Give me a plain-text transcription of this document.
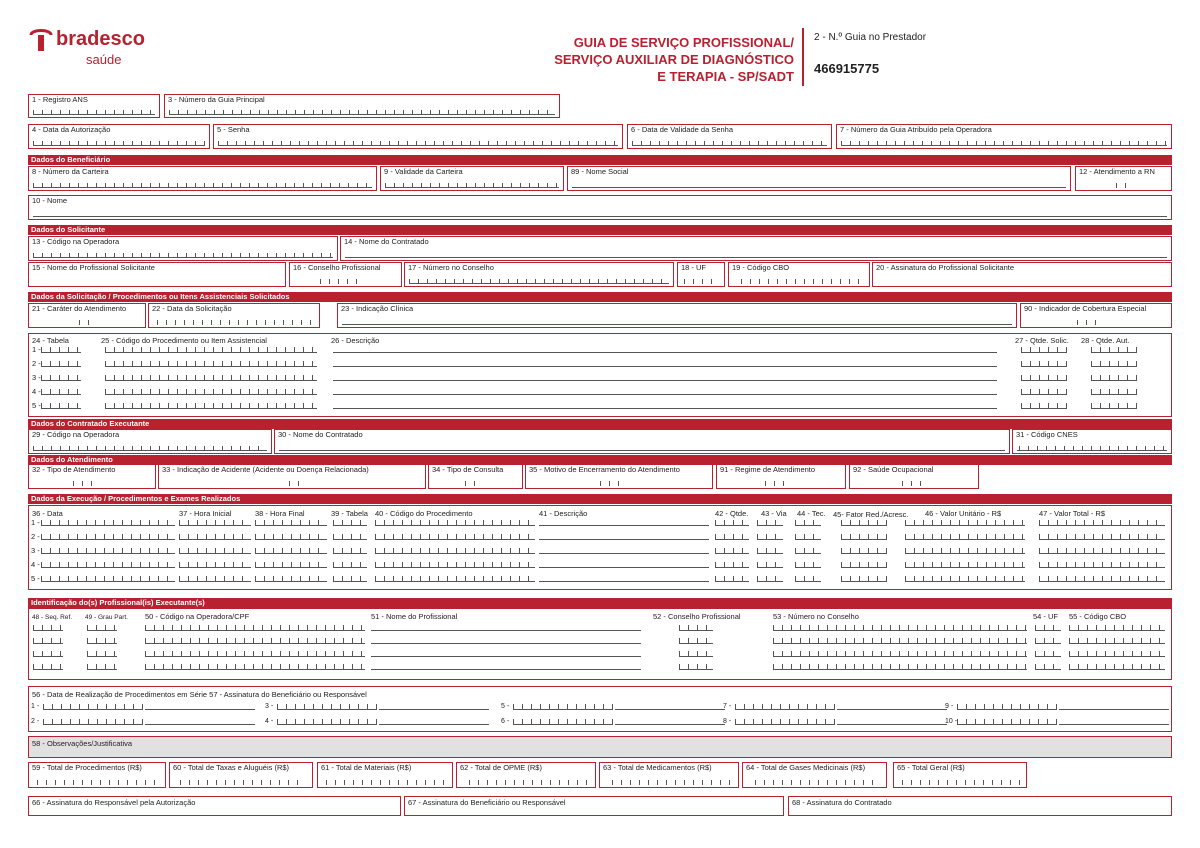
bradesco
saúde
GUIA DE SERVIÇO PROFISSIONAL/
SERVIÇO AUXILIAR DE DIAGNÓSTICO
E TERAPIA - SP/SADT
2 - N.º Guia no Prestador
466915775
1 - Registro ANS	3 - Número da Guia Principal
4 - Data da Autorização	5 - Senha	6 - Data de Validade da Senha	7 - Número da Guia Atribuído pela Operadora
Dados do Beneficiário
8 - Número da Carteira	9 - Validade da Carteira	89 - Nome Social	12 - Atendimento a RN
10 - Nome
Dados do Solicitante
13 - Código na Operadora	14 - Nome do Contratado
15 - Nome do Profissional Solicitante	16 - Conselho Profissional	17 - Número no Conselho	18 - UF	19 - Código CBO	20 - Assinatura do Profissional Solicitante
Dados da Solicitação / Procedimentos ou Itens Assistenciais Solicitados
21 - Caráter do Atendimento	22 - Data da Solicitação	23 - Indicação Clínica	90 - Indicador de Cobertura Especial
24 - Tabela	25 - Código do Procedimento ou Item Assistencial	26 - Descrição	27 - Qtde. Solic. 28 - Qtde. Aut.
1 -
2 -
3 -
4 -
5 -
Dados do Contratado Executante
29 - Código na Operadora	30 - Nome do Contratado	31 - Código CNES
Dados do Atendimento
32 - Tipo de Atendimento	33 - Indicação de Acidente (Acidente ou Doença Relacionada)	34 - Tipo de Consulta	35 - Motivo de Encerramento do Atendimento	91 - Regime de Atendimento	92 - Saúde Ocupacional
Dados da Execução / Procedimentos e Exames Realizados
36 - Data	37 - Hora Inicial	38 - Hora Final	39 - Tabela 40 - Código do Procedimento	41 - Descrição	42 - Qtde. 43 - Via 44 - Tec. 45- Fator Red./Acresc. 46 - Valor Unitário - R$	47 - Valor Total - R$
1 -
2 -
3 -
4 -
5 -
Identificação do(s) Profissional(is) Executante(s)
48 - Seq. Ref. 49 - Grau Part. 50 - Código na Operadora/CPF	51 - Nome do Profissional	52 - Conselho Profissional	53 - Número no Conselho	54 - UF 55 - Código CBO
56 - Data de Realização de Procedimentos em Série 57 - Assinatura do Beneficiário ou Responsável
1 -	3 -	5 -	7 -	9 -
2 -	4 -	6 -	8 -	10 -
58 - Observações/Justificativa
59 - Total de Procedimentos (R$)	60 - Total de Taxas e Aluguéis (R$)	61 - Total de Materiais (R$)	62 - Total de OPME (R$)	63 - Total de Medicamentos (R$)	64 - Total de Gases Medicinais (R$)	65 - Total Geral (R$)
66 - Assinatura do Responsável pela Autorização	67 - Assinatura do Beneficiário ou Responsável	68 - Assinatura do Contratado
